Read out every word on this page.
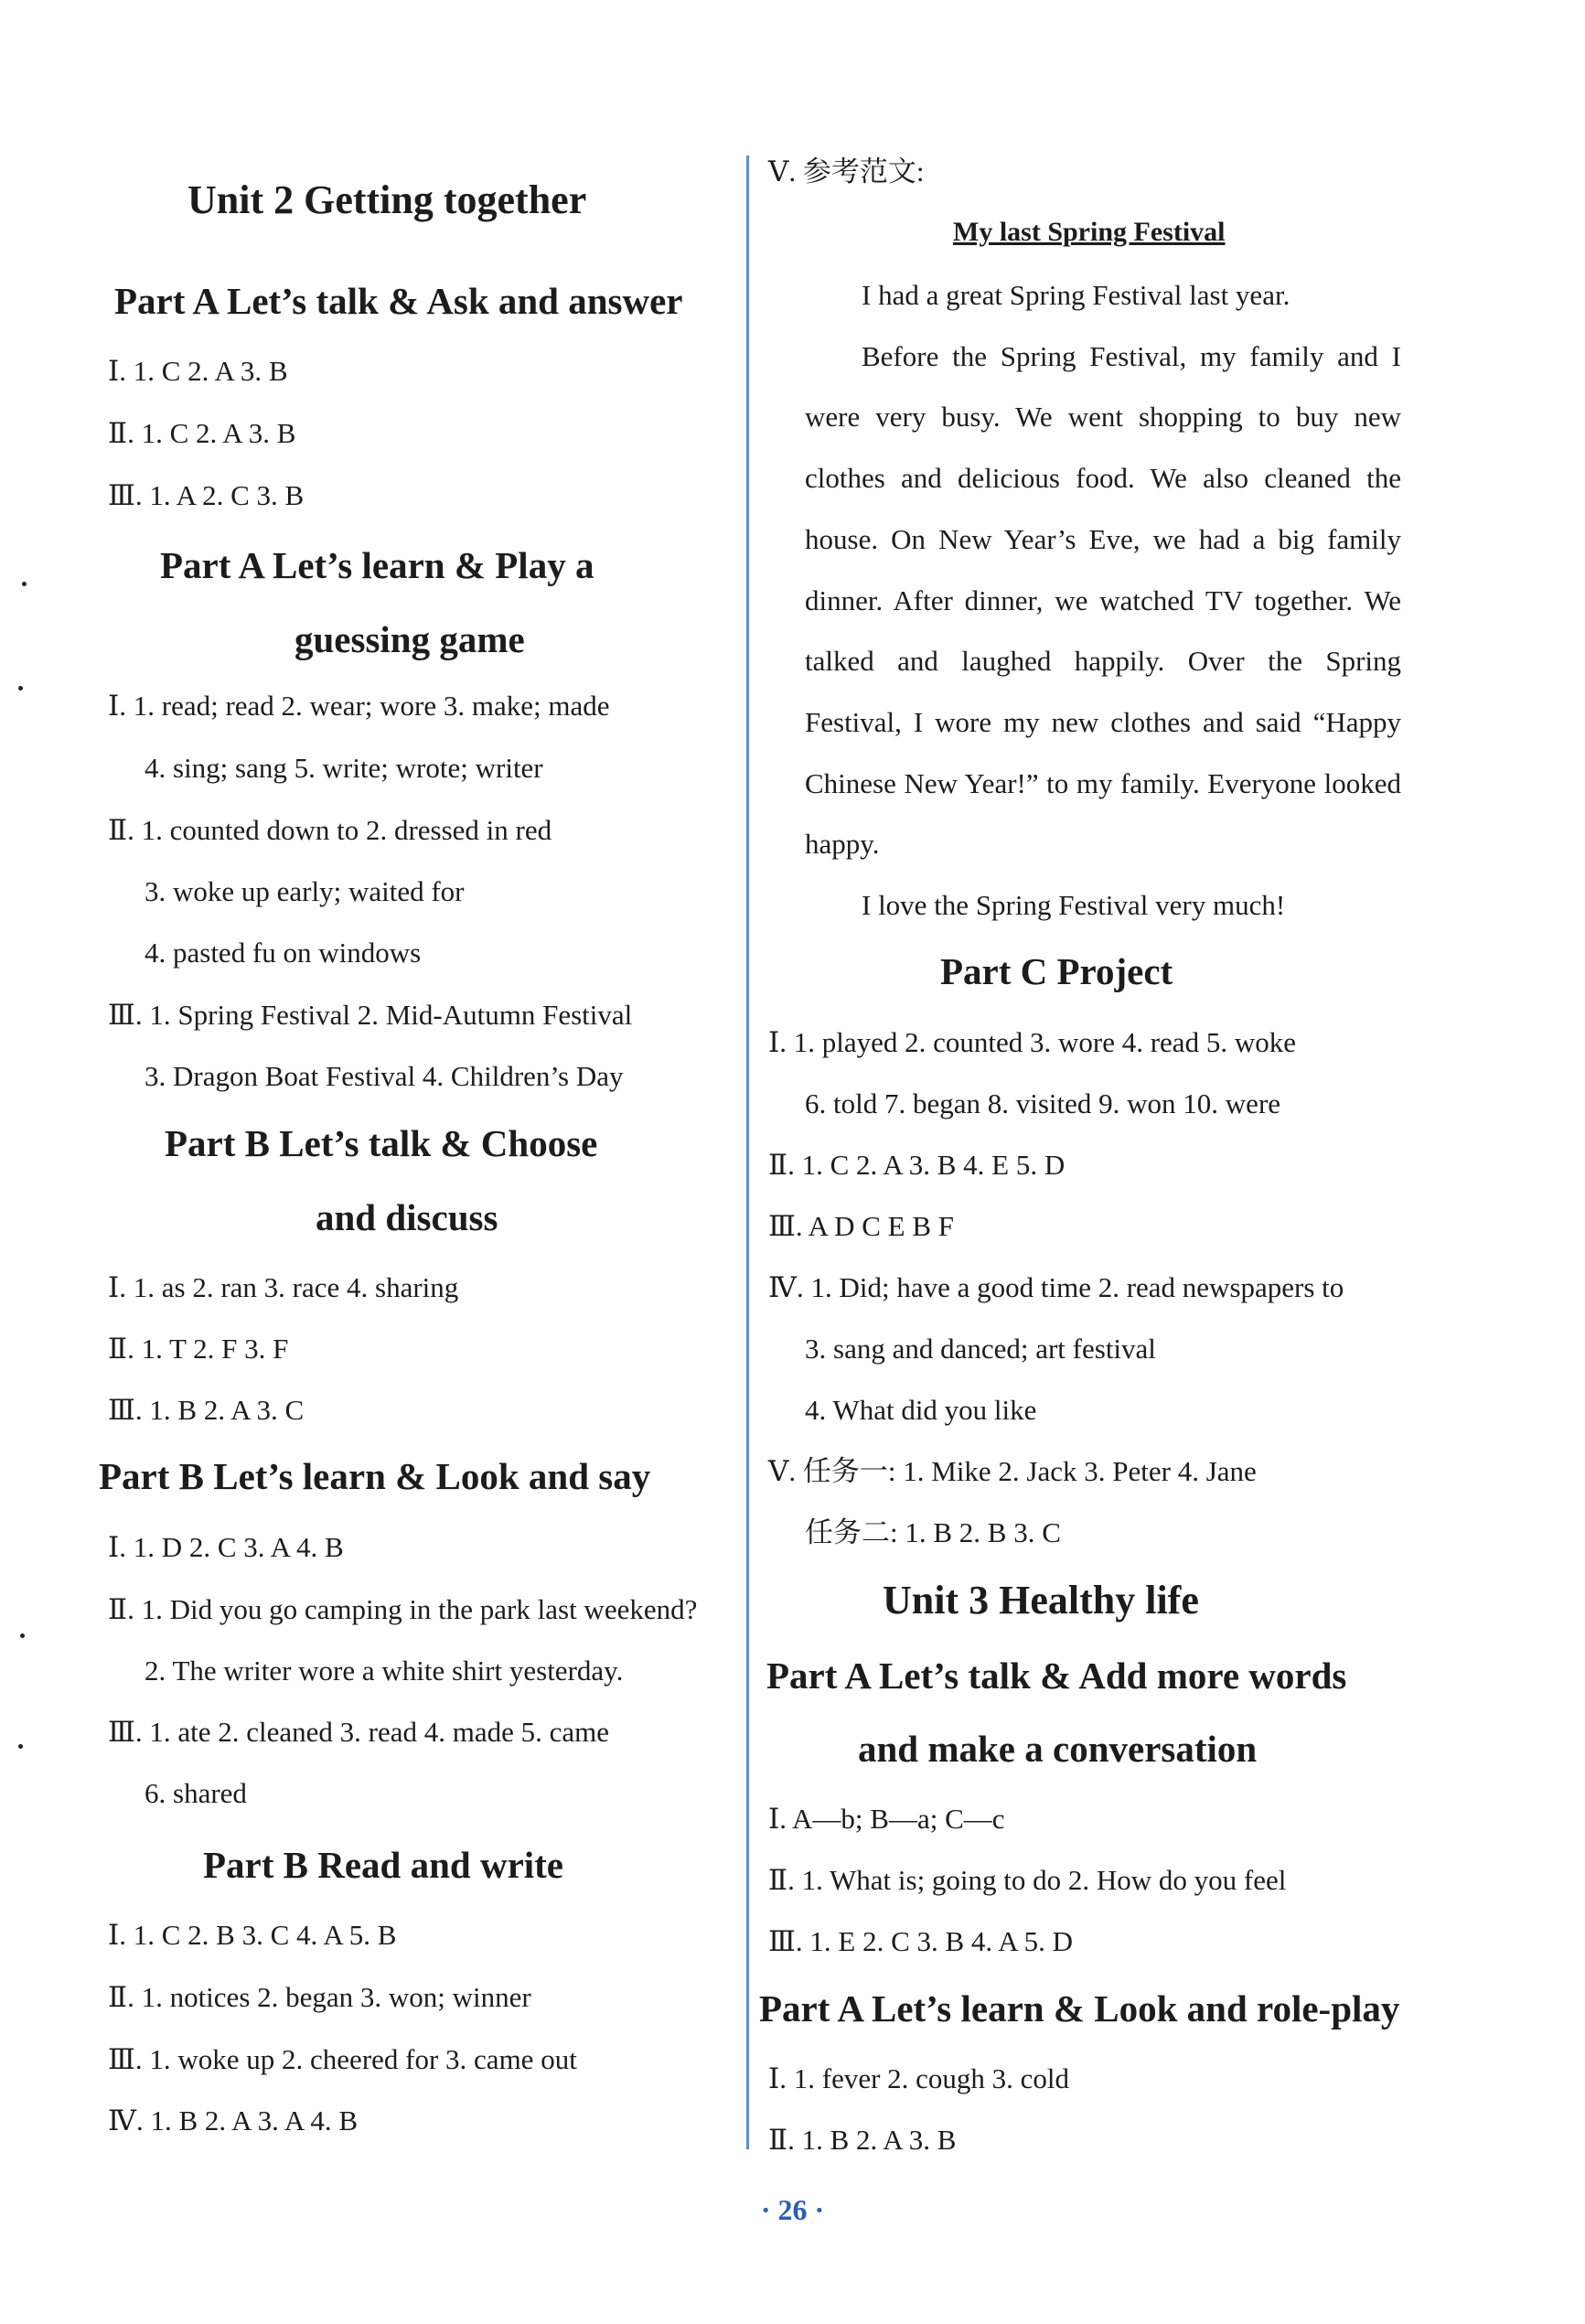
Unit 2 Getting together
Part A Let’s talk & Ask and answer
Ⅰ. 1. C 2. A 3. B
Ⅱ. 1. C 2. A 3. B
Ⅲ. 1. A 2. C 3. B
Part A Let’s learn & Play a
guessing game
Ⅰ. 1. read; read 2. wear; wore 3. make; made
4. sing; sang 5. write; wrote; writer
Ⅱ. 1. counted down to 2. dressed in red
3. woke up early; waited for
4. pasted fu on windows
Ⅲ. 1. Spring Festival 2. Mid-Autumn Festival
3. Dragon Boat Festival 4. Children’s Day
Part B Let’s talk & Choose
and discuss
Ⅰ. 1. as 2. ran 3. race 4. sharing
Ⅱ. 1. T 2. F 3. F
Ⅲ. 1. B 2. A 3. C
Part B Let’s learn & Look and say
Ⅰ. 1. D 2. C 3. A 4. B
Ⅱ. 1. Did you go camping in the park last weekend?
2. The writer wore a white shirt yesterday.
Ⅲ. 1. ate 2. cleaned 3. read 4. made 5. came
6. shared
Part B Read and write
Ⅰ. 1. C 2. B 3. C 4. A 5. B
Ⅱ. 1. notices 2. began 3. won; winner
Ⅲ. 1. woke up 2. cheered for 3. came out
Ⅳ. 1. B 2. A 3. A 4. B
Ⅴ. 参考范文:
My last Spring Festival

I had a great Spring Festival last year.

Before the Spring Festival, my family and I were very busy. We went shopping to buy new clothes and delicious food. We also cleaned the house. On New Year’s Eve, we had a big family dinner. After dinner, we watched TV together. We talked and laughed happily. Over the Spring Festival, I wore my new clothes and said “Happy Chinese New Year!” to my family. Everyone looked happy.

I love the Spring Festival very much!

Part C Project
Ⅰ. 1. played 2. counted 3. wore 4. read 5. woke
6. told 7. began 8. visited 9. won 10. were
Ⅱ. 1. C 2. A 3. B 4. E 5. D
Ⅲ. A D C E B F
Ⅳ. 1. Did; have a good time 2. read newspapers to
3. sang and danced; art festival
4. What did you like
Ⅴ. 任务一: 1. Mike 2. Jack 3. Peter 4. Jane
任务二: 1. B 2. B 3. C
Unit 3 Healthy life
Part A Let’s talk & Add more words
and make a conversation
Ⅰ. A—b; B—a; C—c
Ⅱ. 1. What is; going to do 2. How do you feel
Ⅲ. 1. E 2. C 3. B 4. A 5. D
Part A Let’s learn & Look and role-play
Ⅰ. 1. fever 2. cough 3. cold
Ⅱ. 1. B 2. A 3. B
· 26 ·
